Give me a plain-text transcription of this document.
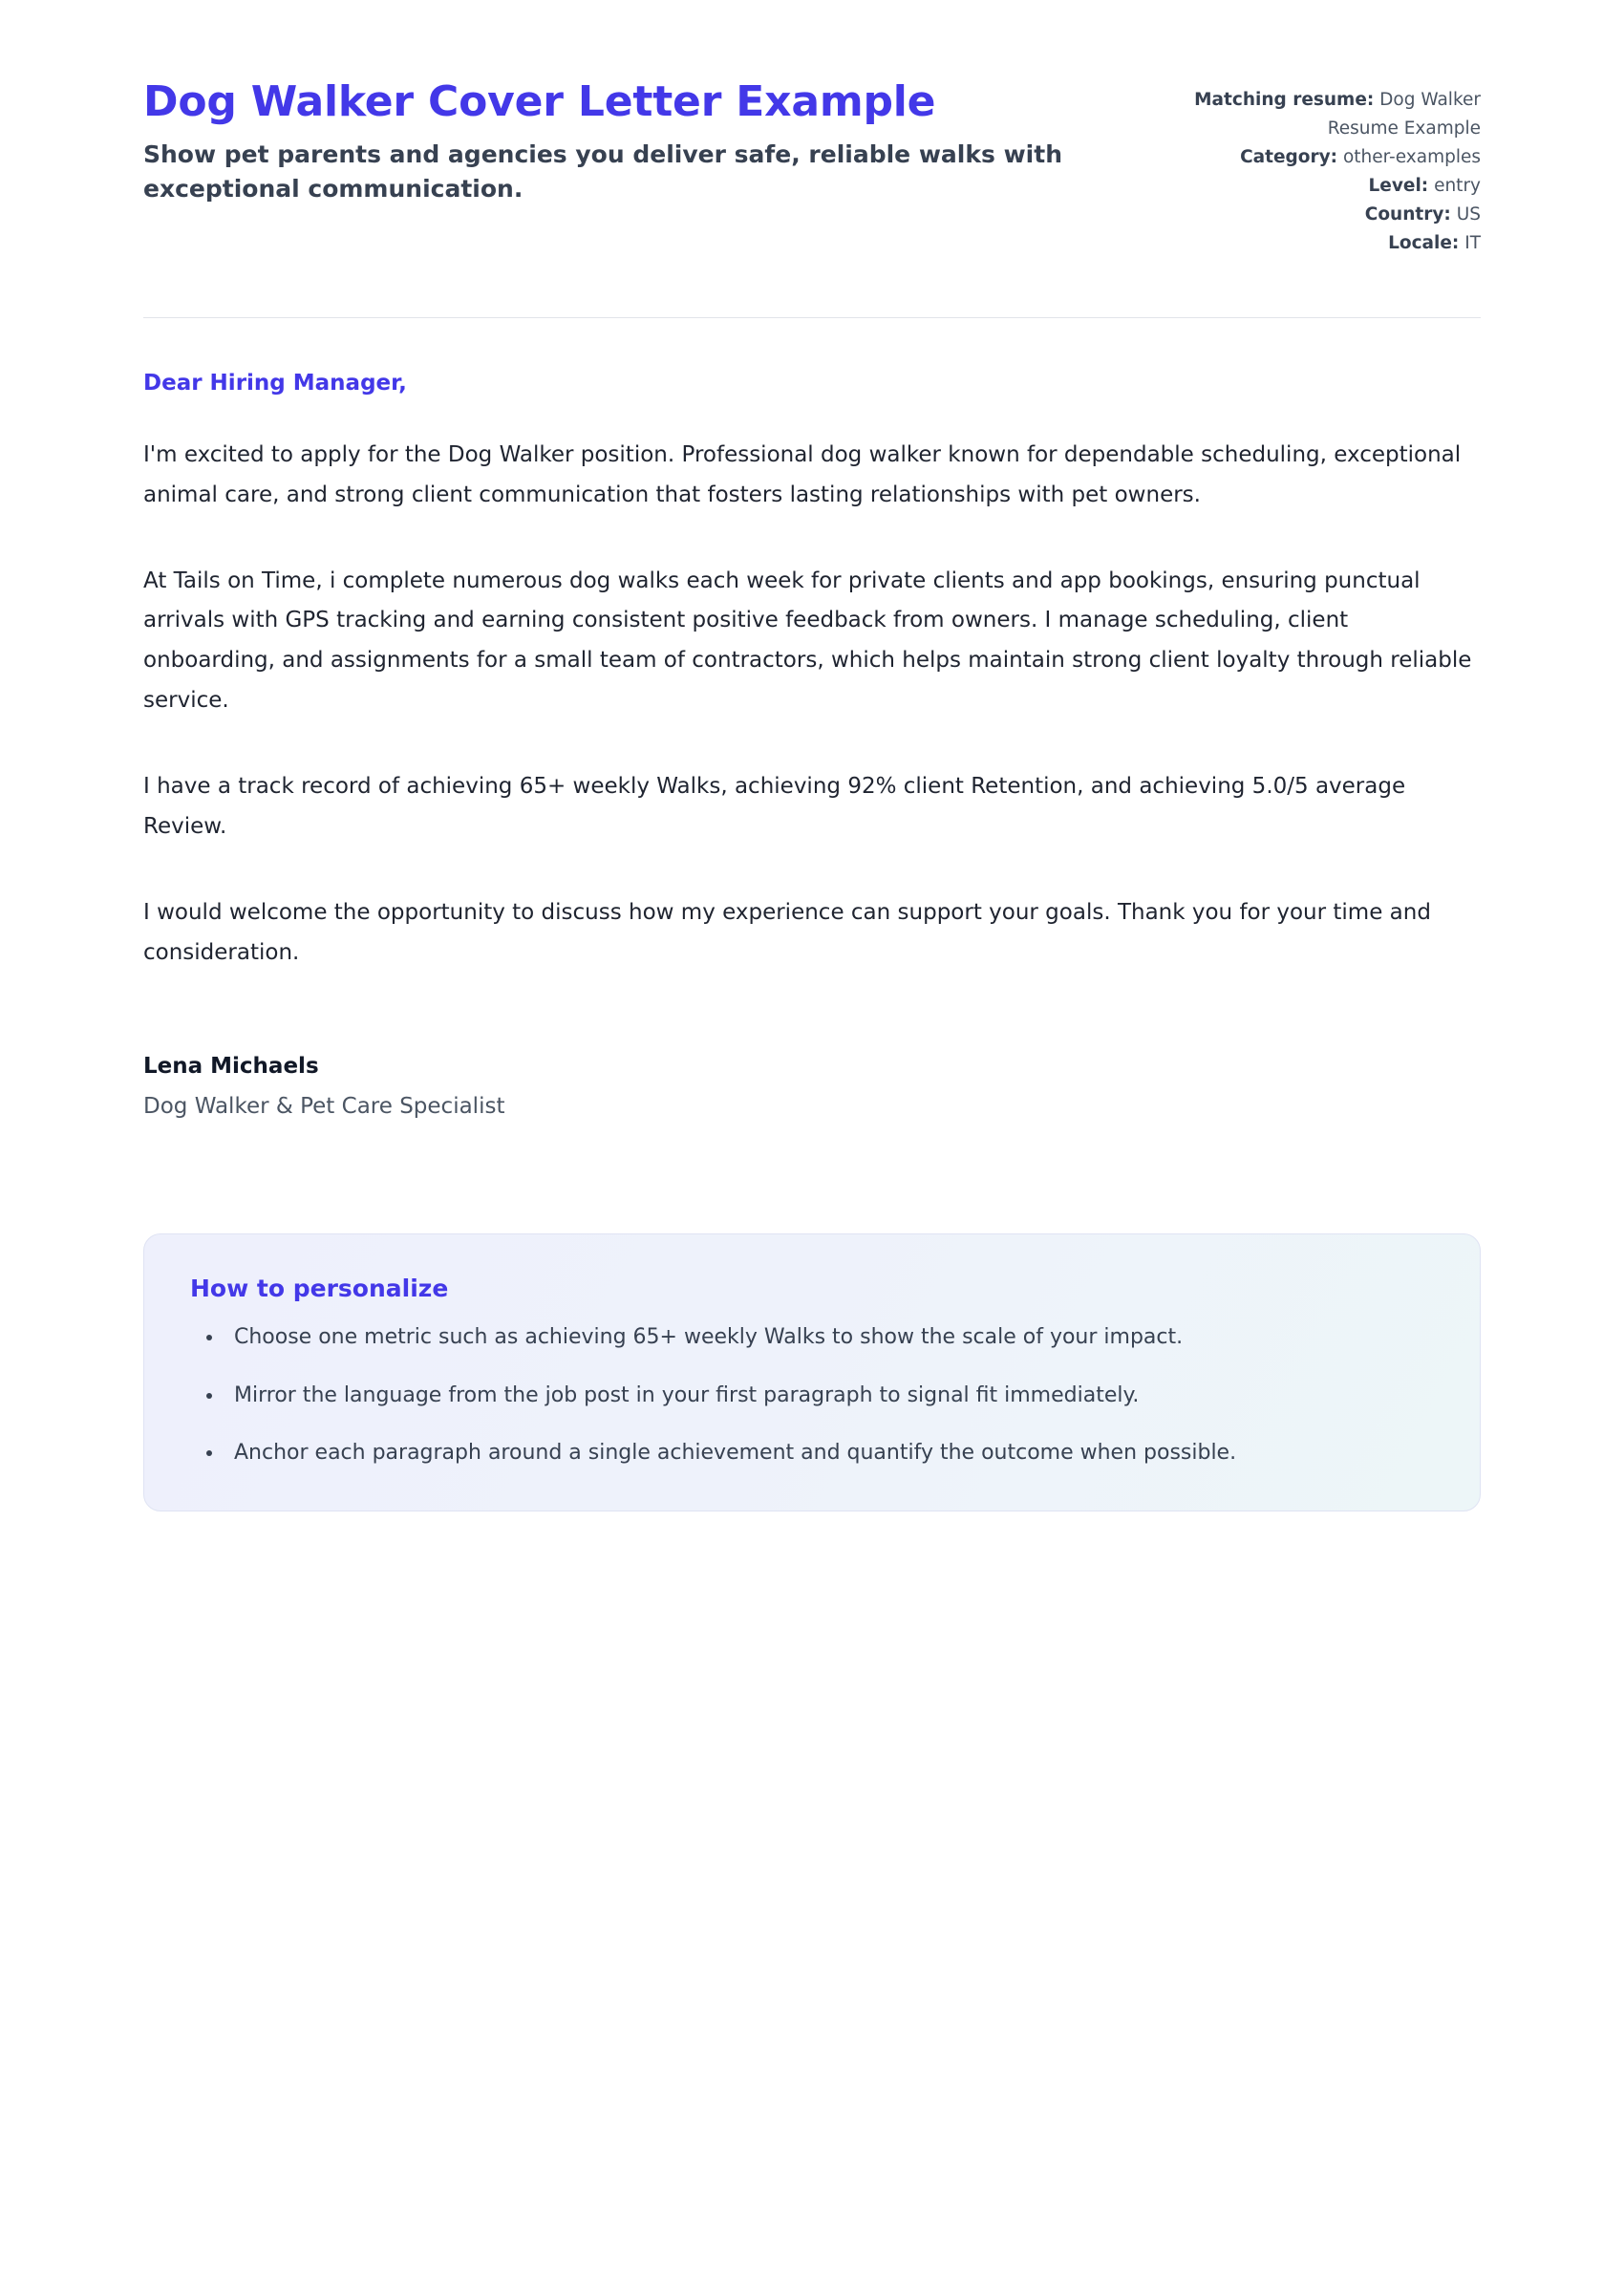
Dog Walker Cover Letter Example

Show pet parents and agencies you deliver safe, reliable walks with exceptional communication.

Matching resume: Dog Walker Resume Example

Category: other-examples

Level: entry

Country: US

Locale: IT

Dear Hiring Manager,

I'm excited to apply for the Dog Walker position. Professional dog walker known for dependable scheduling, exceptional animal care, and strong client communication that fosters lasting relationships with pet owners.

At Tails on Time, i complete numerous dog walks each week for private clients and app bookings, ensuring punctual arrivals with GPS tracking and earning consistent positive feedback from owners. I manage scheduling, client onboarding, and assignments for a small team of contractors, which helps maintain strong client loyalty through reliable service.

I have a track record of achieving 65+ weekly Walks, achieving 92% client Retention, and achieving 5.0/5 average Review.

I would welcome the opportunity to discuss how my experience can support your goals. Thank you for your time and consideration.

Lena Michaels

Dog Walker & Pet Care Specialist

How to personalize

• Choose one metric such as achieving 65+ weekly Walks to show the scale of your impact.
• Mirror the language from the job post in your first paragraph to signal fit immediately.
• Anchor each paragraph around a single achievement and quantify the outcome when possible.
